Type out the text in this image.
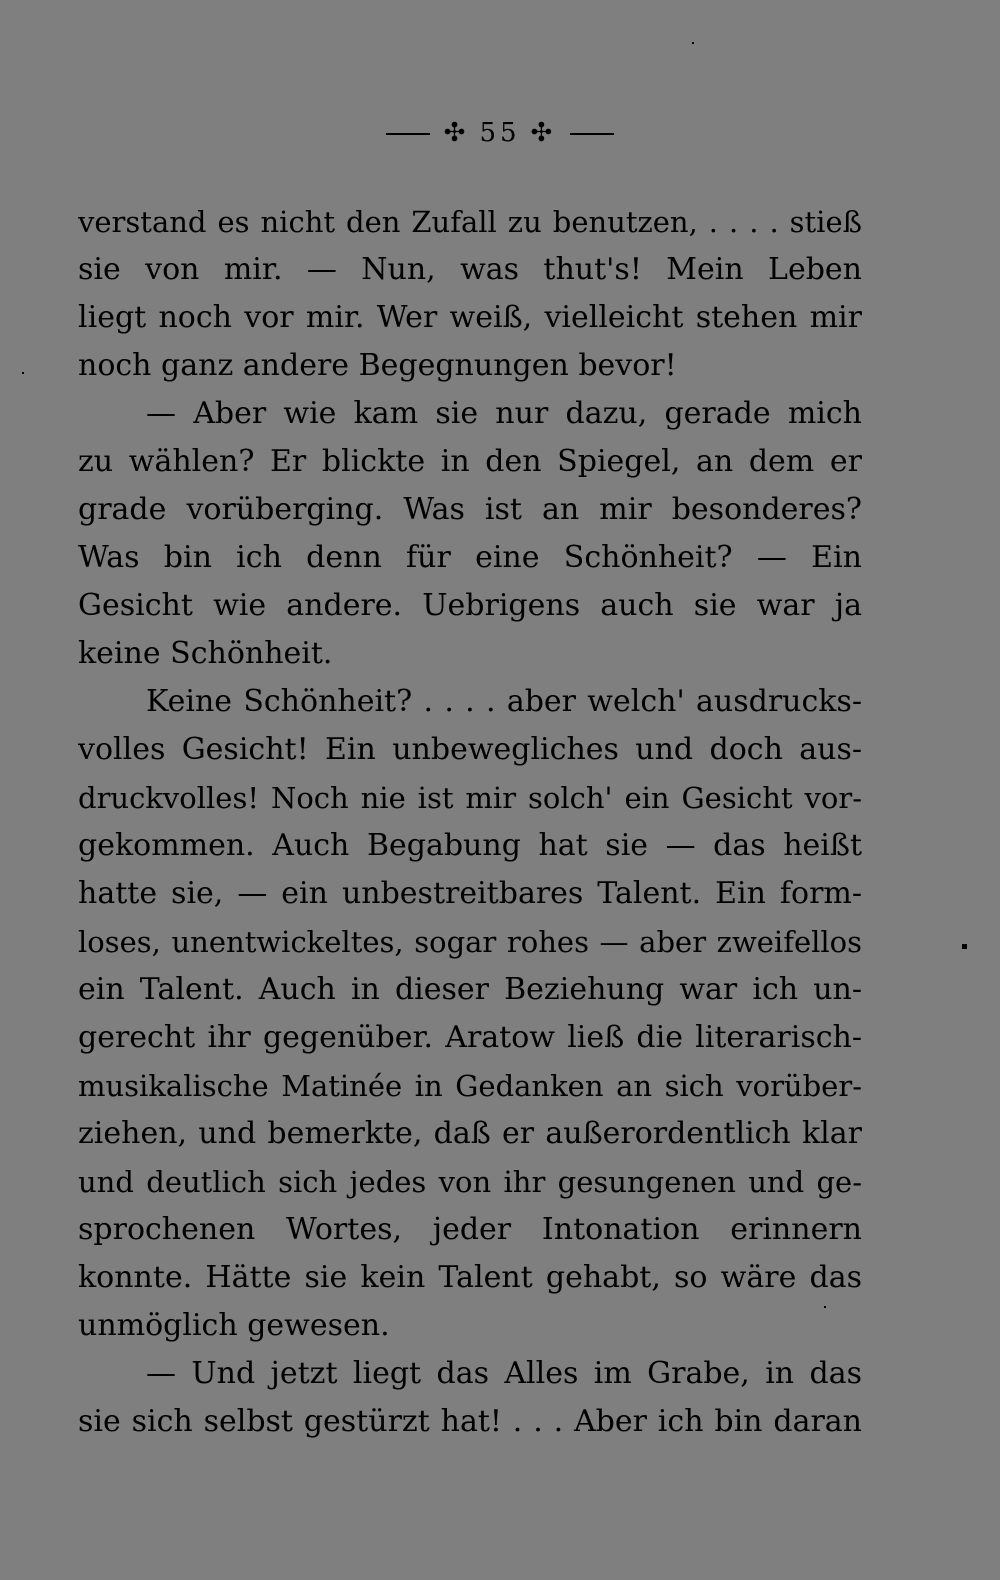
✣ 55 ✣
verstand es nicht den Zufall zu benutzen, . . . . stieß
sie von mir. — Nun, was thut's! Mein Leben
liegt noch vor mir. Wer weiß, vielleicht stehen mir
noch ganz andere Begegnungen bevor!
— Aber wie kam sie nur dazu, gerade mich
zu wählen? Er blickte in den Spiegel, an dem er
grade vorüberging. Was ist an mir besonderes?
Was bin ich denn für eine Schönheit? — Ein
Gesicht wie andere. Uebrigens auch sie war ja
keine Schönheit.
Keine Schönheit? . . . . aber welch' ausdrucks-
volles Gesicht! Ein unbewegliches und doch aus-
druckvolles! Noch nie ist mir solch' ein Gesicht vor-
gekommen. Auch Begabung hat sie — das heißt
hatte sie, — ein unbestreitbares Talent. Ein form-
loses, unentwickeltes, sogar rohes — aber zweifellos
ein Talent. Auch in dieser Beziehung war ich un-
gerecht ihr gegenüber. Aratow ließ die literarisch-
musikalische Matinée in Gedanken an sich vorüber-
ziehen, und bemerkte, daß er außerordentlich klar
und deutlich sich jedes von ihr gesungenen und ge-
sprochenen Wortes, jeder Intonation erinnern
konnte. Hätte sie kein Talent gehabt, so wäre das
unmöglich gewesen.
— Und jetzt liegt das Alles im Grabe, in das
sie sich selbst gestürzt hat! . . . Aber ich bin daran
